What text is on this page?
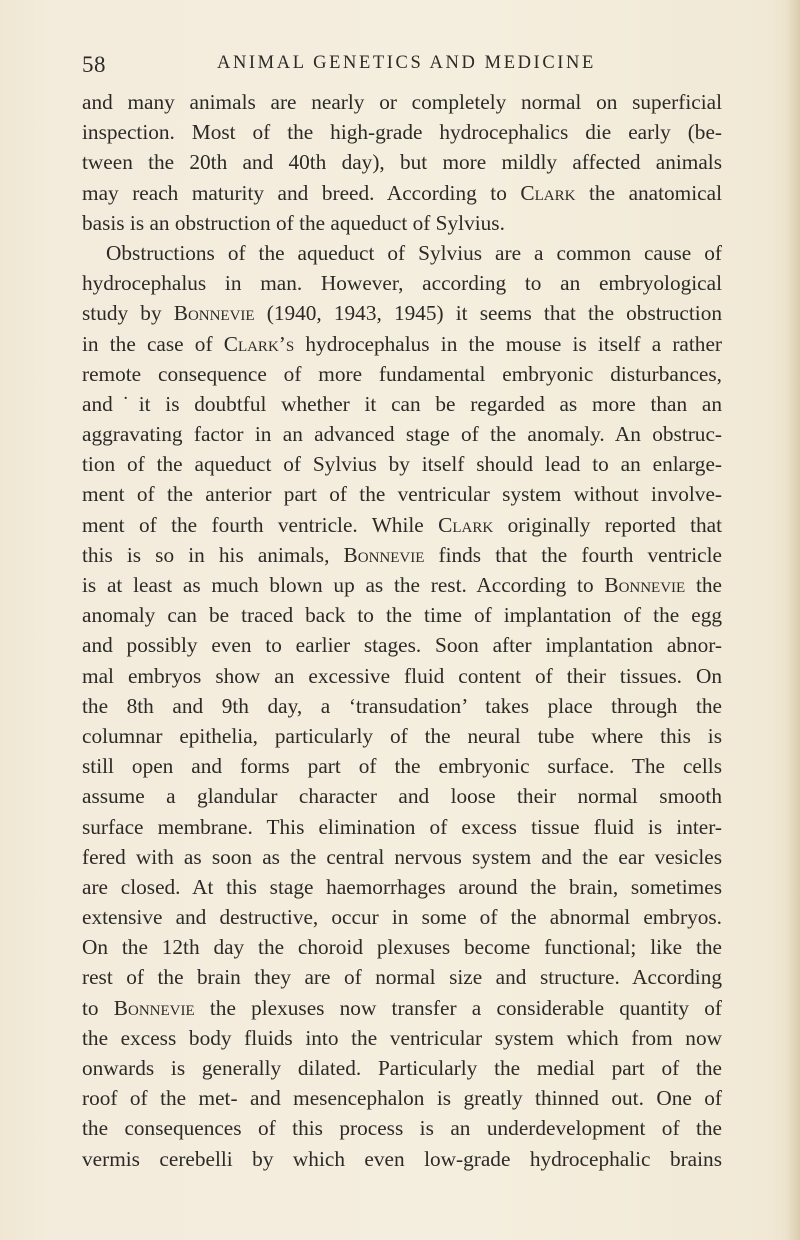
58	ANIMAL GENETICS AND MEDICINE
and many animals are nearly or completely normal on superficial
inspection. Most of the high-grade hydrocephalics die early (be-
tween the 20th and 40th day), but more mildly affected animals
may reach maturity and breed. According to Clark the anatomical
basis is an obstruction of the aqueduct of Sylvius.
Obstructions of the aqueduct of Sylvius are a common cause of
hydrocephalus in man. However, according to an embryological
study by Bonnevie (1940, 1943, 1945) it seems that the obstruction
in the case of Clark’s hydrocephalus in the mouse is itself a rather
remote consequence of more fundamental embryonic disturbances,
and˙it is doubtful whether it can be regarded as more than an
aggravating factor in an advanced stage of the anomaly. An obstruc-
tion of the aqueduct of Sylvius by itself should lead to an enlarge-
ment of the anterior part of the ventricular system without involve-
ment of the fourth ventricle. While Clark originally reported that
this is so in his animals, Bonnevie finds that the fourth ventricle
is at least as much blown up as the rest. According to Bonnevie the
anomaly can be traced back to the time of implantation of the egg
and possibly even to earlier stages. Soon after implantation abnor-
mal embryos show an excessive fluid content of their tissues. On
the 8th and 9th day, a ‘transudation’ takes place through the
columnar epithelia, particularly of the neural tube where this is
still open and forms part of the embryonic surface. The cells
assume a glandular character and loose their normal smooth
surface membrane. This elimination of excess tissue fluid is inter-
fered with as soon as the central nervous system and the ear vesicles
are closed. At this stage haemorrhages around the brain, sometimes
extensive and destructive, occur in some of the abnormal embryos.
On the 12th day the choroid plexuses become functional; like the
rest of the brain they are of normal size and structure. According
to Bonnevie the plexuses now transfer a considerable quantity of
the excess body fluids into the ventricular system which from now
onwards is generally dilated. Particularly the medial part of the
roof of the met- and mesencephalon is greatly thinned out. One of
the consequences of this process is an underdevelopment of the
vermis cerebelli by which even low-grade hydrocephalic brains
